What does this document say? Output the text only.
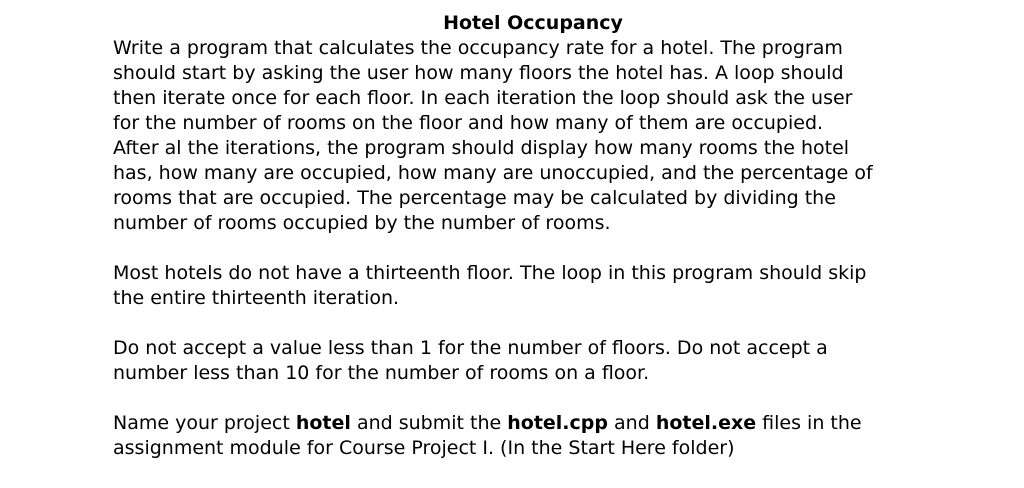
Hotel Occupancy

Write a program that calculates the occupancy rate for a hotel. The program
should start by asking the user how many floors the hotel has. A loop should
then iterate once for each floor. In each iteration the loop should ask the user
for the number of rooms on the floor and how many of them are occupied.
After al the iterations, the program should display how many rooms the hotel
has, how many are occupied, how many are unoccupied, and the percentage of
rooms that are occupied. The percentage may be calculated by dividing the
number of rooms occupied by the number of rooms.

Most hotels do not have a thirteenth floor. The loop in this program should skip
the entire thirteenth iteration.

Do not accept a value less than 1 for the number of floors. Do not accept a
number less than 10 for the number of rooms on a floor.

Name your project hotel and submit the hotel.cpp and hotel.exe files in the
assignment module for Course Project I. (In the Start Here folder)
